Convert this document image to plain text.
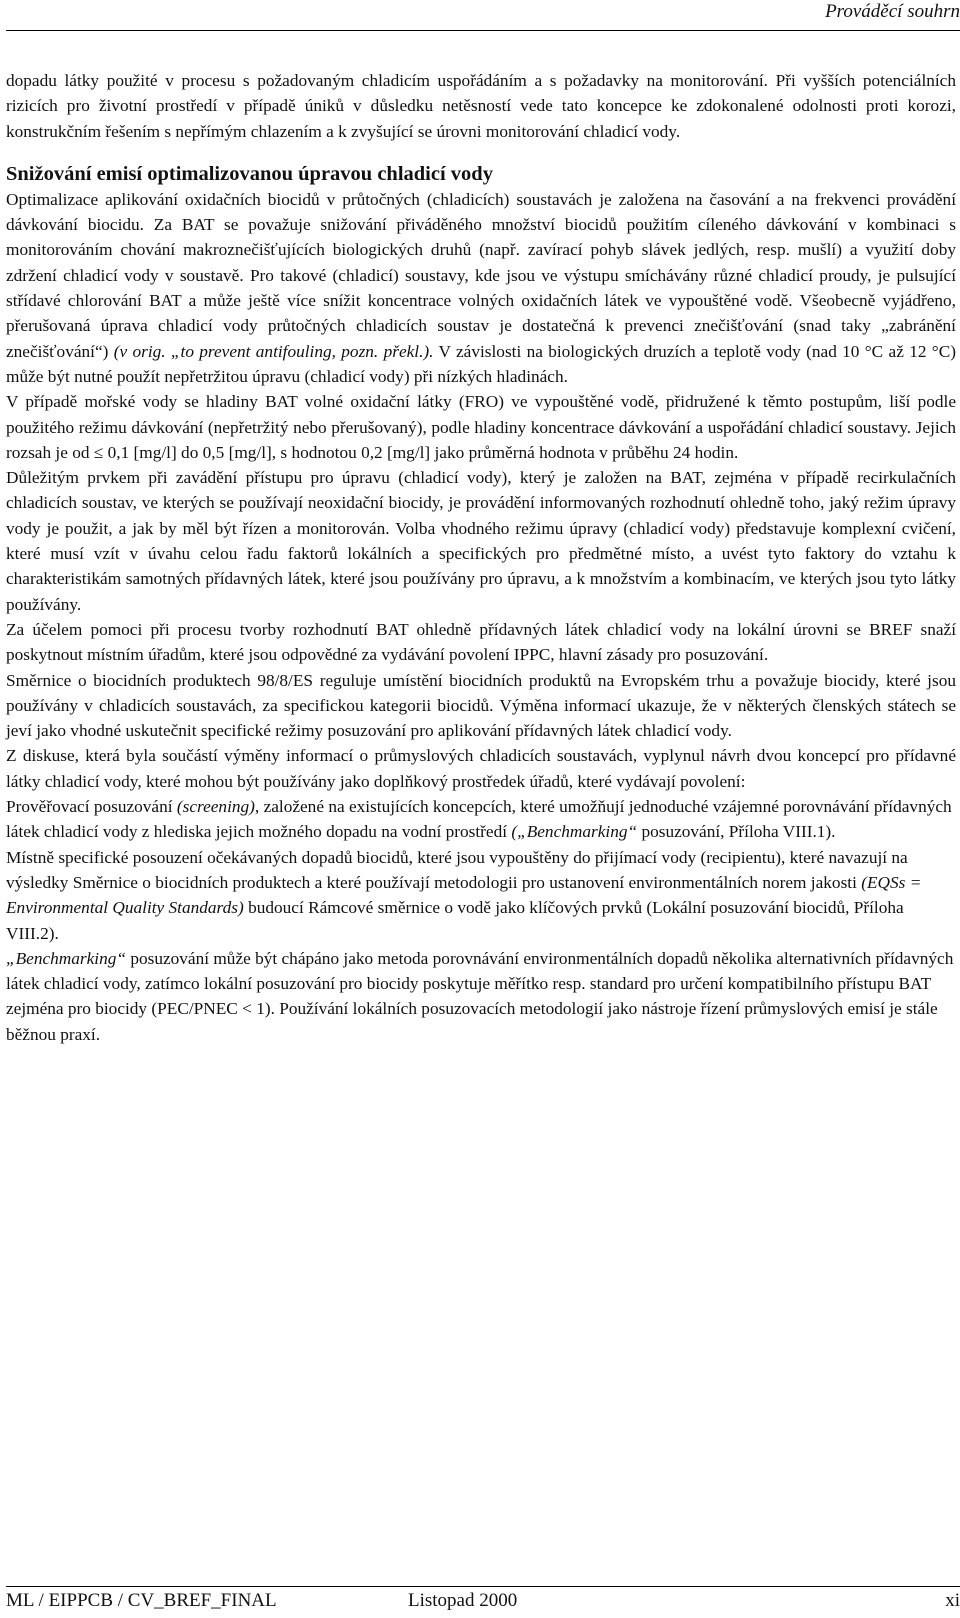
Prováděcí souhrn

dopadu látky použité v procesu s požadovaným chladicím uspořádáním a s požadavky na monitorování. Při vyšších potenciálních rizicích pro životní prostředí v případě úniků v důsledku netěsností vede tato koncepce ke zdokonalené odolnosti proti korozi, konstrukčním řešením s nepřímým chlazením a k zvyšující se úrovni monitorování chladicí vody.

Snižování emisí optimalizovanou úpravou chladicí vody

Optimalizace aplikování oxidačních biocidů v průtočných (chladicích) soustavách je založena na časování a na frekvenci provádění dávkování biocidu. Za BAT se považuje snižování přiváděného množství biocidů použitím cíleného dávkování v kombinaci s monitorováním chování makroznečišťujících biologických druhů (např. zavírací pohyb slávek jedlých, resp. mušlí) a využití doby zdržení chladicí vody v soustavě. Pro takové (chladicí) soustavy, kde jsou ve výstupu smíchávány různé chladicí proudy, je pulsující střídavé chlorování BAT a může ještě více snížit koncentrace volných oxidačních látek ve vypouštěné vodě. Všeobecně vyjádřeno, přerušovaná úprava chladicí vody průtočných chladicích soustav je dostatečná k prevenci znečišťování (snad taky „zabránění znečišťování“) (v orig. „to prevent antifouling, pozn. překl.). V závislosti na biologických druzích a teplotě vody (nad 10 °C až 12 °C) může být nutné použít nepřetržitou úpravu (chladicí vody) při nízkých hladinách.

V případě mořské vody se hladiny BAT volné oxidační látky (FRO) ve vypouštěné vodě, přidružené k těmto postupům, liší podle použitého režimu dávkování (nepřetržitý nebo přerušovaný), podle hladiny koncentrace dávkování a uspořádání chladicí soustavy. Jejich rozsah je od ≤ 0,1 [mg/l] do 0,5 [mg/l], s hodnotou 0,2 [mg/l] jako průměrná hodnota v průběhu 24 hodin.

Důležitým prvkem při zavádění přístupu pro úpravu (chladicí vody), který je založen na BAT, zejména v případě recirkulačních chladicích soustav, ve kterých se používají neoxidační biocidy, je provádění informovaných rozhodnutí ohledně toho, jaký režim úpravy vody je použit, a jak by měl být řízen a monitorován. Volba vhodného režimu úpravy (chladicí vody) představuje komplexní cvičení, které musí vzít v úvahu celou řadu faktorů lokálních a specifických pro předmětné místo, a uvést tyto faktory do vztahu k charakteristikám samotných přídavných látek, které jsou používány pro úpravu, a k množstvím a kombinacím, ve kterých jsou tyto látky používány.

Za účelem pomoci při procesu tvorby rozhodnutí BAT ohledně přídavných látek chladicí vody na lokální úrovni se BREF snaží poskytnout místním úřadům, které jsou odpovědné za vydávání povolení IPPC, hlavní zásady pro posuzování.

Směrnice o biocidních produktech 98/8/ES reguluje umístění biocidních produktů na Evropském trhu a považuje biocidy, které jsou používány v chladicích soustavách, za specifickou kategorii biocidů. Výměna informací ukazuje, že v některých členských státech se jeví jako vhodné uskutečnit specifické režimy posuzování pro aplikování přídavných látek chladicí vody.

Z diskuse, která byla součástí výměny informací o průmyslových chladicích soustavách, vyplynul návrh dvou koncepcí pro přídavné látky chladicí vody, které mohou být používány jako doplňkový prostředek úřadů, které vydávají povolení:

Prověřovací posuzování (screening), založené na existujících koncepcích, které umožňují jednoduché vzájemné porovnávání přídavných látek chladicí vody z hlediska jejich možného dopadu na vodní prostředí („Benchmarking“ posuzování, Příloha VIII.1).

Místně specifické posouzení očekávaných dopadů biocidů, které jsou vypouštěny do přijímací vody (recipientu), které navazují na výsledky Směrnice o biocidních produktech a které používají metodologii pro ustanovení environmentálních norem jakosti (EQSs = Environmental Quality Standards) budoucí Rámcové směrnice o vodě jako klíčových prvků (Lokální posuzování biocidů, Příloha VIII.2).

„Benchmarking“ posuzování může být chápáno jako metoda porovnávání environmentálních dopadů několika alternativních přídavných látek chladicí vody, zatímco lokální posuzování pro biocidy poskytuje měřítko resp. standard pro určení kompatibilního přístupu BAT zejména pro biocidy (PEC/PNEC < 1). Používání lokálních posuzovacích metodologií jako nástroje řízení průmyslových emisí je stále běžnou praxí.

ML / EIPPCB / CV_BREF_FINAL	Listopad 2000	xi
